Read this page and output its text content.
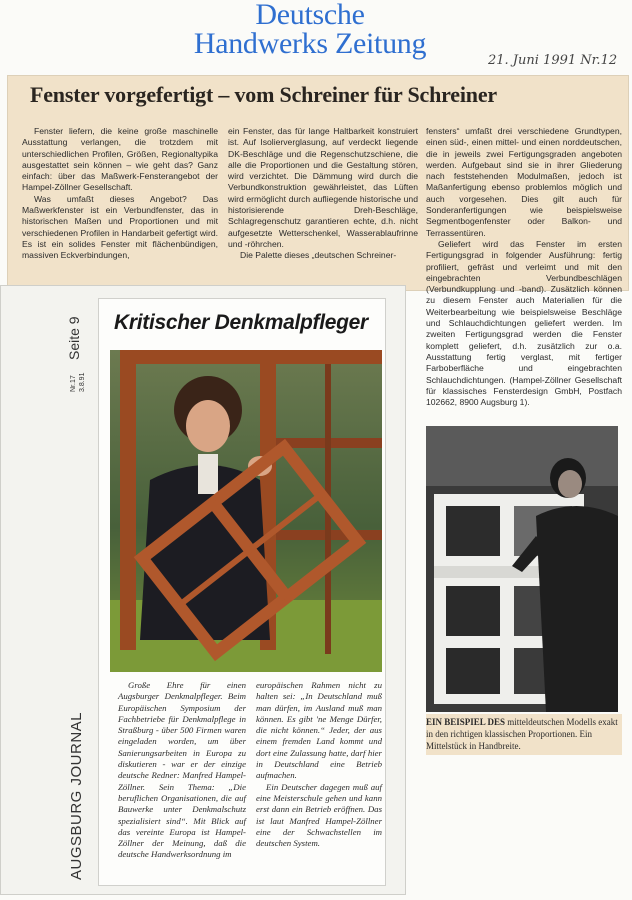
Deutsche
Handwerks Zeitung
21. Juni 1991 Nr.12
Fenster vorgefertigt – vom Schreiner für Schreiner

Fenster liefern, die keine große maschinelle Ausstattung verlangen, die trotzdem mit unterschiedlichen Profilen, Größen, Regionaltypika ausgestattet sein können – wie geht das? Ganz einfach: über das Maßwerk-Fensterangebot der Hampel-Zöllner Gesellschaft.

Was umfaßt dieses Angebot? Das Maßwerkfenster ist ein Verbundfenster, das in historischen Maßen und Proportionen und mit verschiedenen Profilen in Handarbeit gefertigt wird. Es ist ein solides Fenster mit flächenbündigen, massiven Eckverbindungen,

ein Fenster, das für lange Haltbarkeit konstruiert ist. Auf Isolierverglasung, auf verdeckt liegende DK-Beschläge und die Regenschutzschiene, die alle die Proportionen und die Gestaltung stören, wird verzichtet. Die Dämmung wird durch die Verbundkonstruktion gewährleistet, das Lüften wird ermöglicht durch aufliegende historische und historisierende Dreh-Beschläge, Schlagregenschutz garantieren echte, d.h. nicht aufgesetzte Wetterschenkel, Wasserablaufrinne und -röhrchen.

Die Palette dieses „deutschen Schreiner-

fensters“ umfaßt drei verschiedene Grundtypen, einen süd-, einen mittel- und einen norddeutschen, die in jeweils zwei Fertigungsgraden angeboten werden. Aufgebaut sind sie in ihrer Gliederung nach feststehenden Modulmaßen, jedoch ist Maßanfertigung ebenso problemlos möglich und auch vorgesehen. Dies gilt auch für Sonderanfertigungen wie beispielsweise Segmentbogenfenster oder Balkon- und Terrassentüren.

Geliefert wird das Fenster im ersten Fertigungsgrad in folgender Ausführung: fertig profiliert, gefräst und verleimt und mit den eingebrachten Verbundbeschlägen (Verbundkupplung und -band). Zusätzlich können zu diesem Fenster auch Materialien für die Weiterbearbeitung wie beispielsweise Beschläge und Schlauchdichtungen geliefert werden. Im zweiten Fertigungsgrad werden die Fenster komplett geliefert, d.h. zusätzlich zur o.a. Ausstattung fertig verglast, mit fertiger Farboberfläche und eingebrachten Schlauchdichtungen. (Hampel-Zöllner Gesellschaft für klassisches Fensterdesign GmbH, Postfach 102662, 8900 Augsburg 1).

Seite 9
Nr.17 3.8.91
AUGSBURG JOURNAL
Kritischer Denkmalpfleger

Große Ehre für einen Augsburger Denkmalpfleger. Beim Europäischen Symposium der Fachbetriebe für Denkmalpflege in Straßburg - über 500 Firmen waren eingeladen worden, um über Sanierungsarbeiten in Europa zu diskutieren - war er der einzige deutsche Redner: Manfred Hampel-Zöllner. Sein Thema: „Die beruflichen Organisationen, die auf Bauwerke unter Denkmalschutz spezialisiert sind“. Mit Blick auf das vereinte Europa ist Hampel-Zöllner der Meinung, daß die deutsche Handwerksordnung im

europäischen Rahmen nicht zu halten sei: „In Deutschland muß man dürfen, im Ausland muß man können. Es gibt 'ne Menge Dürfer, die nicht können.“ Jeder, der aus einem fremden Land kommt und dort eine Zulassung hatte, darf hier in Deutschland eine Betrieb aufmachen.

Ein Deutscher dagegen muß auf eine Meisterschule gehen und kann erst dann ein Betrieb eröffnen. Das ist laut Manfred Hampel-Zöllner eine der Schwachstellen im deutschen System.

EIN BEISPIEL DES mitteldeutschen Modells exakt in den richtigen klassischen Proportionen. Ein Mittelstück in Handbreite.
